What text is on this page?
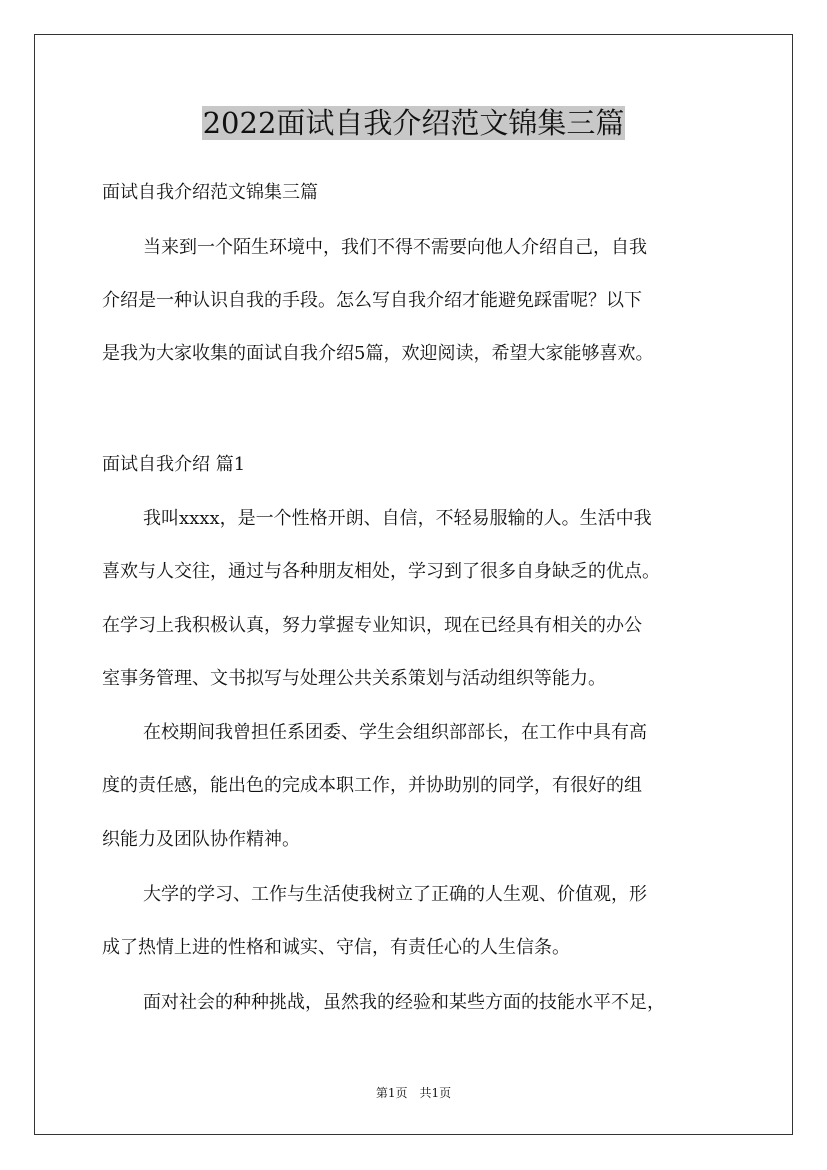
2022面试自我介绍范文锦集三篇
面试自我介绍范文锦集三篇
当来到一个陌生环境中，我们不得不需要向他人介绍自己，自我
介绍是一种认识自我的手段。怎么写自我介绍才能避免踩雷呢？以下
是我为大家收集的面试自我介绍5篇，欢迎阅读，希望大家能够喜欢。
面试自我介绍 篇1
我叫xxxx，是一个性格开朗、自信，不轻易服输的人。生活中我
喜欢与人交往，通过与各种朋友相处，学习到了很多自身缺乏的优点。
在学习上我积极认真，努力掌握专业知识，现在已经具有相关的办公
室事务管理、文书拟写与处理公共关系策划与活动组织等能力。
在校期间我曾担任系团委、学生会组织部部长，在工作中具有高
度的责任感，能出色的完成本职工作，并协助别的同学，有很好的组
织能力及团队协作精神。
大学的学习、工作与生活使我树立了正确的人生观、价值观，形
成了热情上进的性格和诚实、守信，有责任心的人生信条。
面对社会的种种挑战，虽然我的经验和某些方面的技能水平不足，
第1页　共1页
